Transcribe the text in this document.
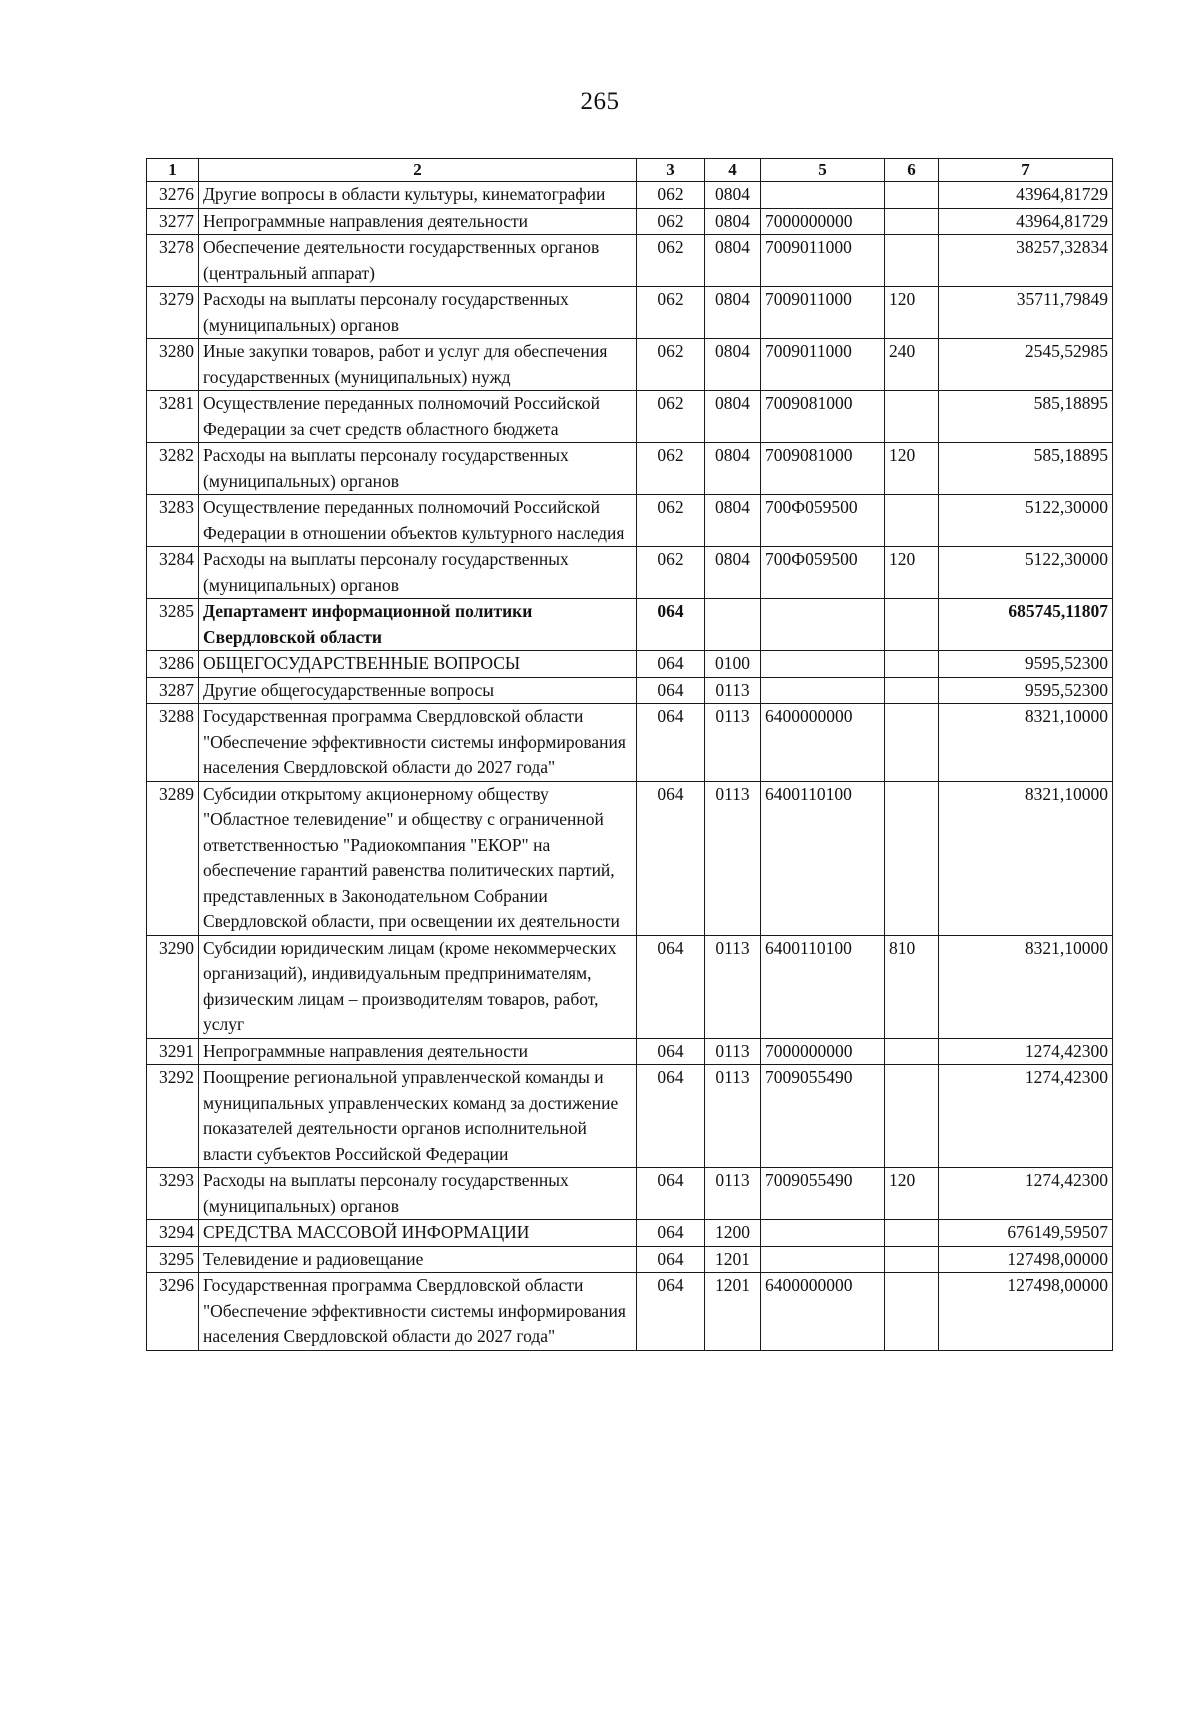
265
1	2	3	4	5	6	7
3276	Другие вопросы в области культуры, кинематографии	062	0804			43964,81729
3277	Непрограммные направления деятельности	062	0804	7000000000		43964,81729
3278	Обеспечение деятельности государственных органов (центральный аппарат)	062	0804	7009011000		38257,32834
3279	Расходы на выплаты персоналу государственных (муниципальных) органов	062	0804	7009011000	120	35711,79849
3280	Иные закупки товаров, работ и услуг для обеспечения государственных (муниципальных) нужд	062	0804	7009011000	240	2545,52985
3281	Осуществление переданных полномочий Российской Федерации за счет средств областного бюджета	062	0804	7009081000		585,18895
3282	Расходы на выплаты персоналу государственных (муниципальных) органов	062	0804	7009081000	120	585,18895
3283	Осуществление переданных полномочий Российской Федерации в отношении объектов культурного наследия	062	0804	700Ф059500		5122,30000
3284	Расходы на выплаты персоналу государственных (муниципальных) органов	062	0804	700Ф059500	120	5122,30000
3285	Департамент информационной политики Свердловской области	064				685745,11807
3286	ОБЩЕГОСУДАРСТВЕННЫЕ ВОПРОСЫ	064	0100			9595,52300
3287	Другие общегосударственные вопросы	064	0113			9595,52300
3288	Государственная программа Свердловской области "Обеспечение эффективности системы информирования населения Свердловской области до 2027 года"	064	0113	6400000000		8321,10000
3289	Субсидии открытому акционерному обществу "Областное телевидение" и обществу с ограниченной ответственностью "Радиокомпания "ЕКОР" на обеспечение гарантий равенства политических партий, представленных в Законодательном Собрании Свердловской области, при освещении их деятельности	064	0113	6400110100		8321,10000
3290	Субсидии юридическим лицам (кроме некоммерческих организаций), индивидуальным предпринимателям, физическим лицам – производителям товаров, работ, услуг	064	0113	6400110100	810	8321,10000
3291	Непрограммные направления деятельности	064	0113	7000000000		1274,42300
3292	Поощрение региональной управленческой команды и муниципальных управленческих команд за достижение показателей деятельности органов исполнительной власти субъектов Российской Федерации	064	0113	7009055490		1274,42300
3293	Расходы на выплаты персоналу государственных (муниципальных) органов	064	0113	7009055490	120	1274,42300
3294	СРЕДСТВА МАССОВОЙ ИНФОРМАЦИИ	064	1200			676149,59507
3295	Телевидение и радиовещание	064	1201			127498,00000
3296	Государственная программа Свердловской области "Обеспечение эффективности системы информирования населения Свердловской области до 2027 года"	064	1201	6400000000		127498,00000
